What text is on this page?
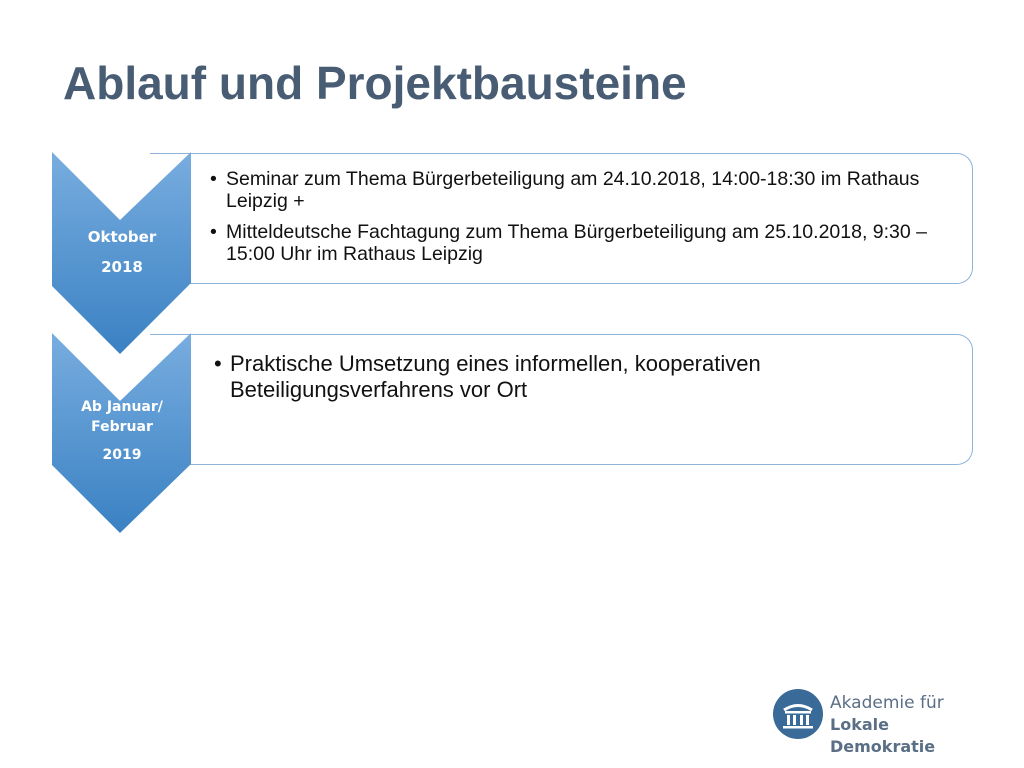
Ablauf und Projektbausteine
• Seminar zum Thema Bürgerbeteiligung am 24.10.2018, 14:00-18:30 im Rathaus Leipzig +
• Mitteldeutsche Fachtagung zum Thema Bürgerbeteiligung am 25.10.2018, 9:30 – 15:00 Uhr im Rathaus Leipzig
• Praktische Umsetzung eines informellen, kooperativen Beteiligungsverfahrens vor Ort
Oktober
2018
Ab Januar/
Februar
2019
Akademie für
Lokale Demokratie
